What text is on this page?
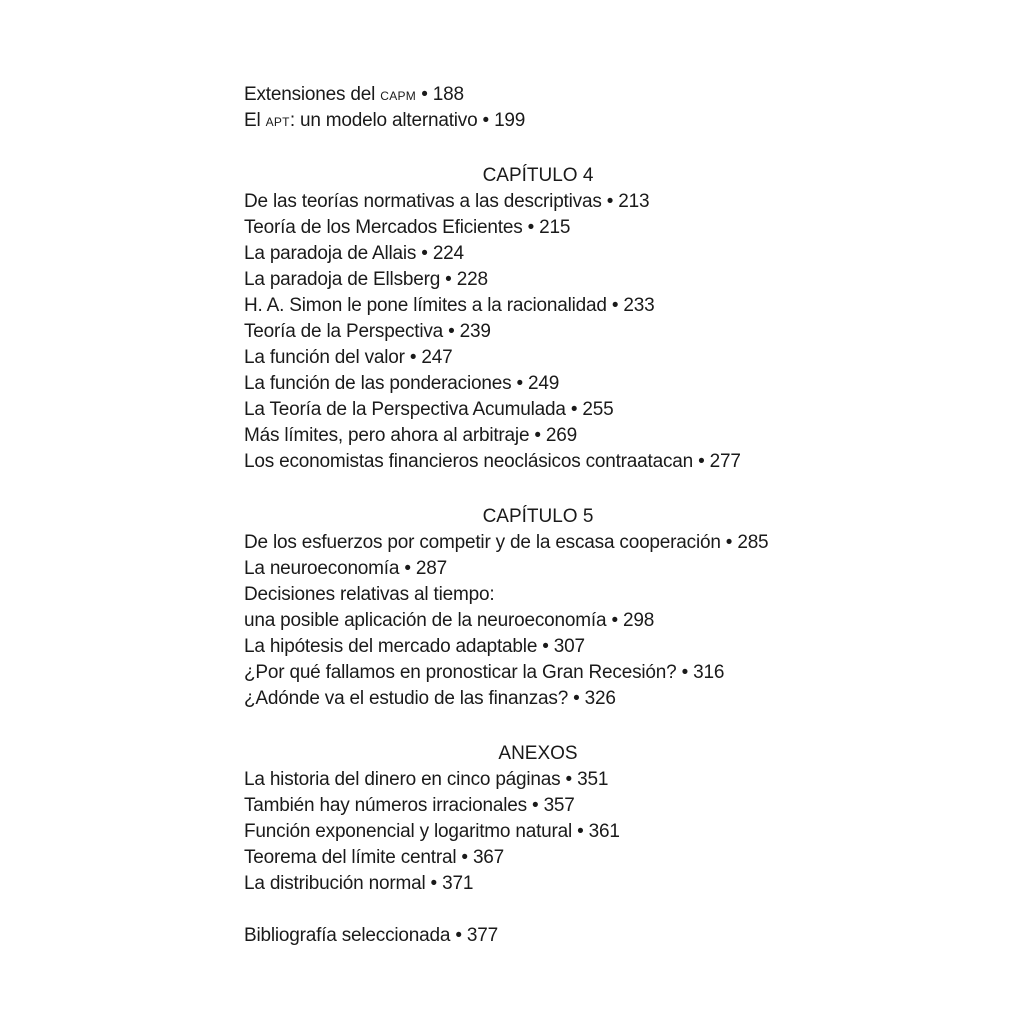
Extensiones del CAPM • 188
El APT: un modelo alternativo • 199
CAPÍTULO 4
De las teorías normativas a las descriptivas • 213
Teoría de los Mercados Eficientes • 215
La paradoja de Allais • 224
La paradoja de Ellsberg • 228
H. A. Simon le pone límites a la racionalidad • 233
Teoría de la Perspectiva • 239
La función del valor • 247
La función de las ponderaciones • 249
La Teoría de la Perspectiva Acumulada • 255
Más límites, pero ahora al arbitraje • 269
Los economistas financieros neoclásicos contraatacan • 277
CAPÍTULO 5
De los esfuerzos por competir y de la escasa cooperación • 285
La neuroeconomía • 287
Decisiones relativas al tiempo:
una posible aplicación de la neuroeconomía • 298
La hipótesis del mercado adaptable • 307
¿Por qué fallamos en pronosticar la Gran Recesión? • 316
¿Adónde va el estudio de las finanzas? • 326
ANEXOS
La historia del dinero en cinco páginas • 351
También hay números irracionales • 357
Función exponencial y logaritmo natural • 361
Teorema del límite central • 367
La distribución normal • 371
Bibliografía seleccionada • 377
